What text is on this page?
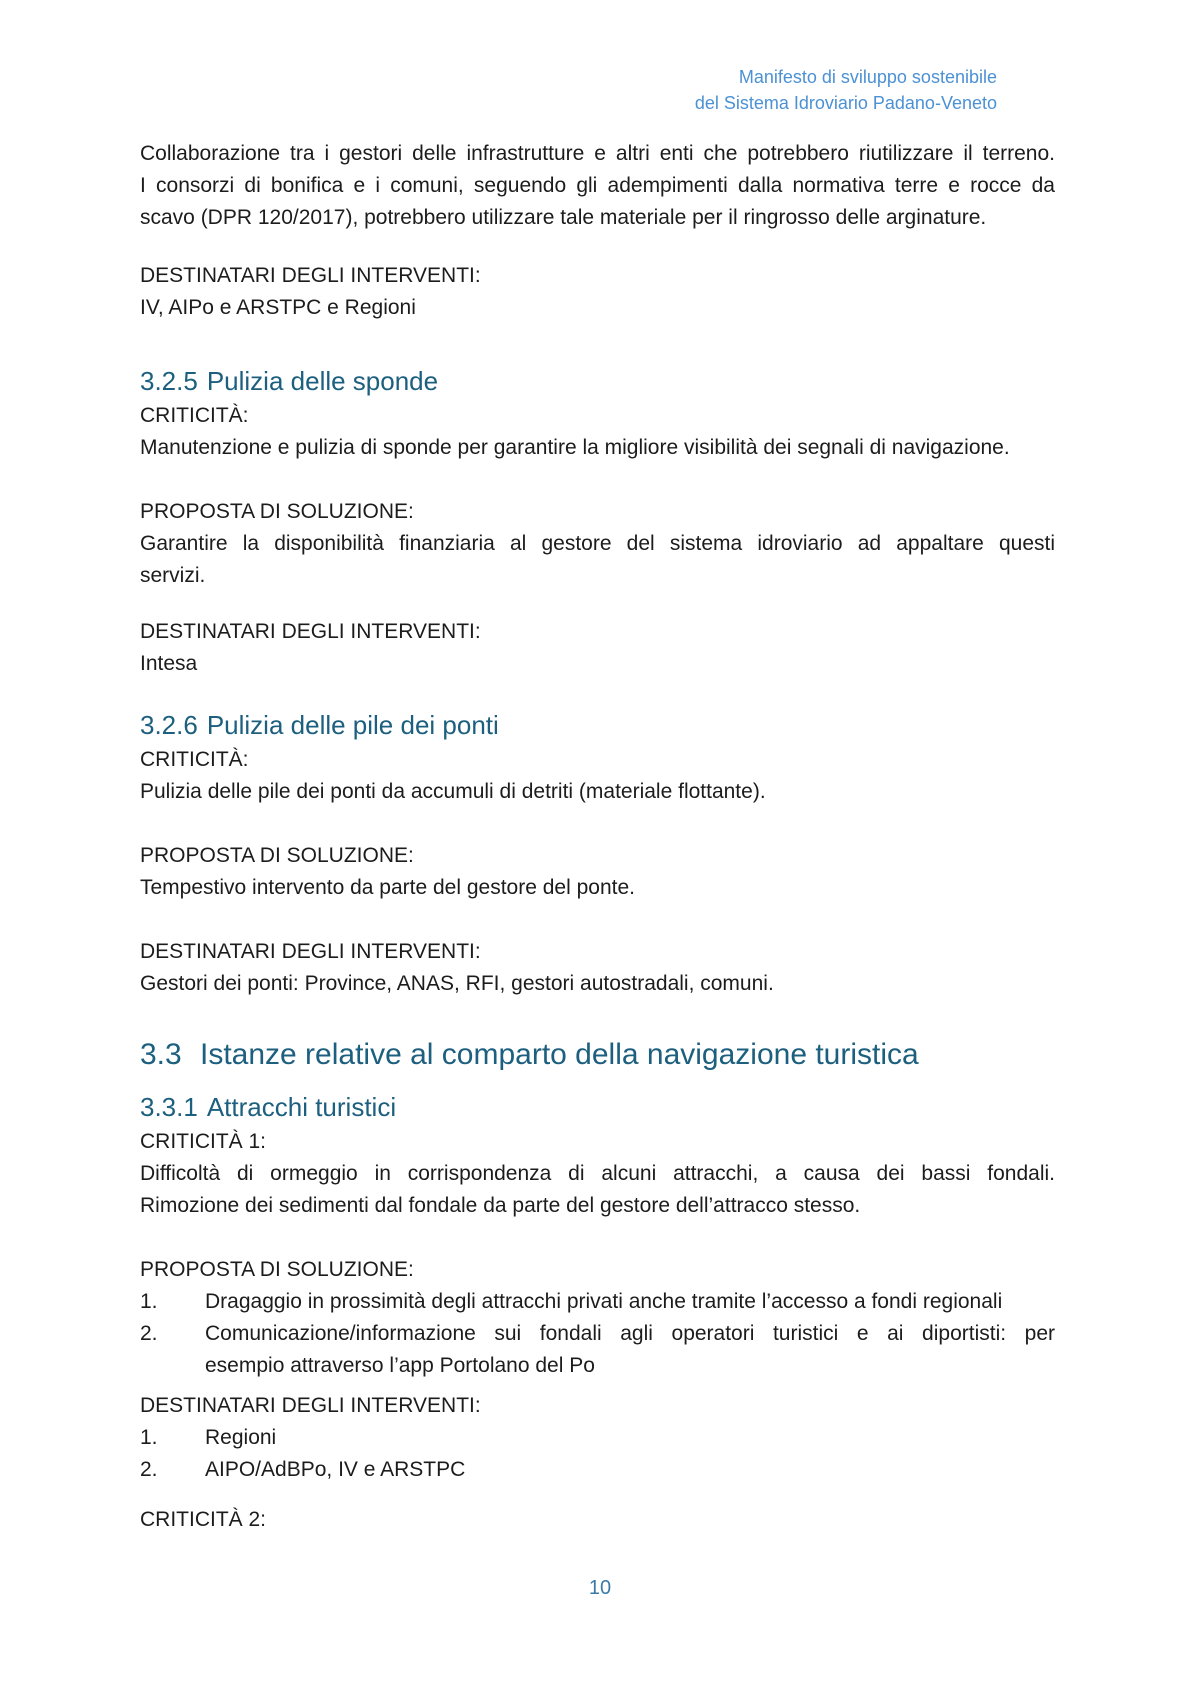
Manifesto di sviluppo sostenibile
del Sistema Idroviario Padano-Veneto
Collaborazione tra i gestori delle infrastrutture e altri enti che potrebbero riutilizzare il terreno.
I consorzi di bonifica e i comuni, seguendo gli adempimenti dalla normativa terre e rocce da
scavo (DPR 120/2017), potrebbero utilizzare tale materiale per il ringrosso delle arginature.
DESTINATARI DEGLI INTERVENTI:
IV, AIPo e ARSTPC e Regioni
3.2.5 Pulizia delle sponde
CRITICITÀ:
Manutenzione e pulizia di sponde per garantire la migliore visibilità dei segnali di navigazione.
PROPOSTA DI SOLUZIONE:
Garantire la disponibilità finanziaria al gestore del sistema idroviario ad appaltare questi
servizi.
DESTINATARI DEGLI INTERVENTI:
Intesa
3.2.6 Pulizia delle pile dei ponti
CRITICITÀ:
Pulizia delle pile dei ponti da accumuli di detriti (materiale flottante).
PROPOSTA DI SOLUZIONE:
Tempestivo intervento da parte del gestore del ponte.
DESTINATARI DEGLI INTERVENTI:
Gestori dei ponti: Province, ANAS, RFI, gestori autostradali, comuni.
3.3 Istanze relative al comparto della navigazione turistica
3.3.1 Attracchi turistici
CRITICITÀ 1:
Difficoltà di ormeggio in corrispondenza di alcuni attracchi, a causa dei bassi fondali.
Rimozione dei sedimenti dal fondale da parte del gestore dell’attracco stesso.
PROPOSTA DI SOLUZIONE:
1.	Dragaggio in prossimità degli attracchi privati anche tramite l’accesso a fondi regionali
2.	Comunicazione/informazione sui fondali agli operatori turistici e ai diportisti: per
esempio attraverso l’app Portolano del Po
DESTINATARI DEGLI INTERVENTI:
1.	Regioni
2.	AIPO/AdBPo, IV e ARSTPC
CRITICITÀ 2:
10
